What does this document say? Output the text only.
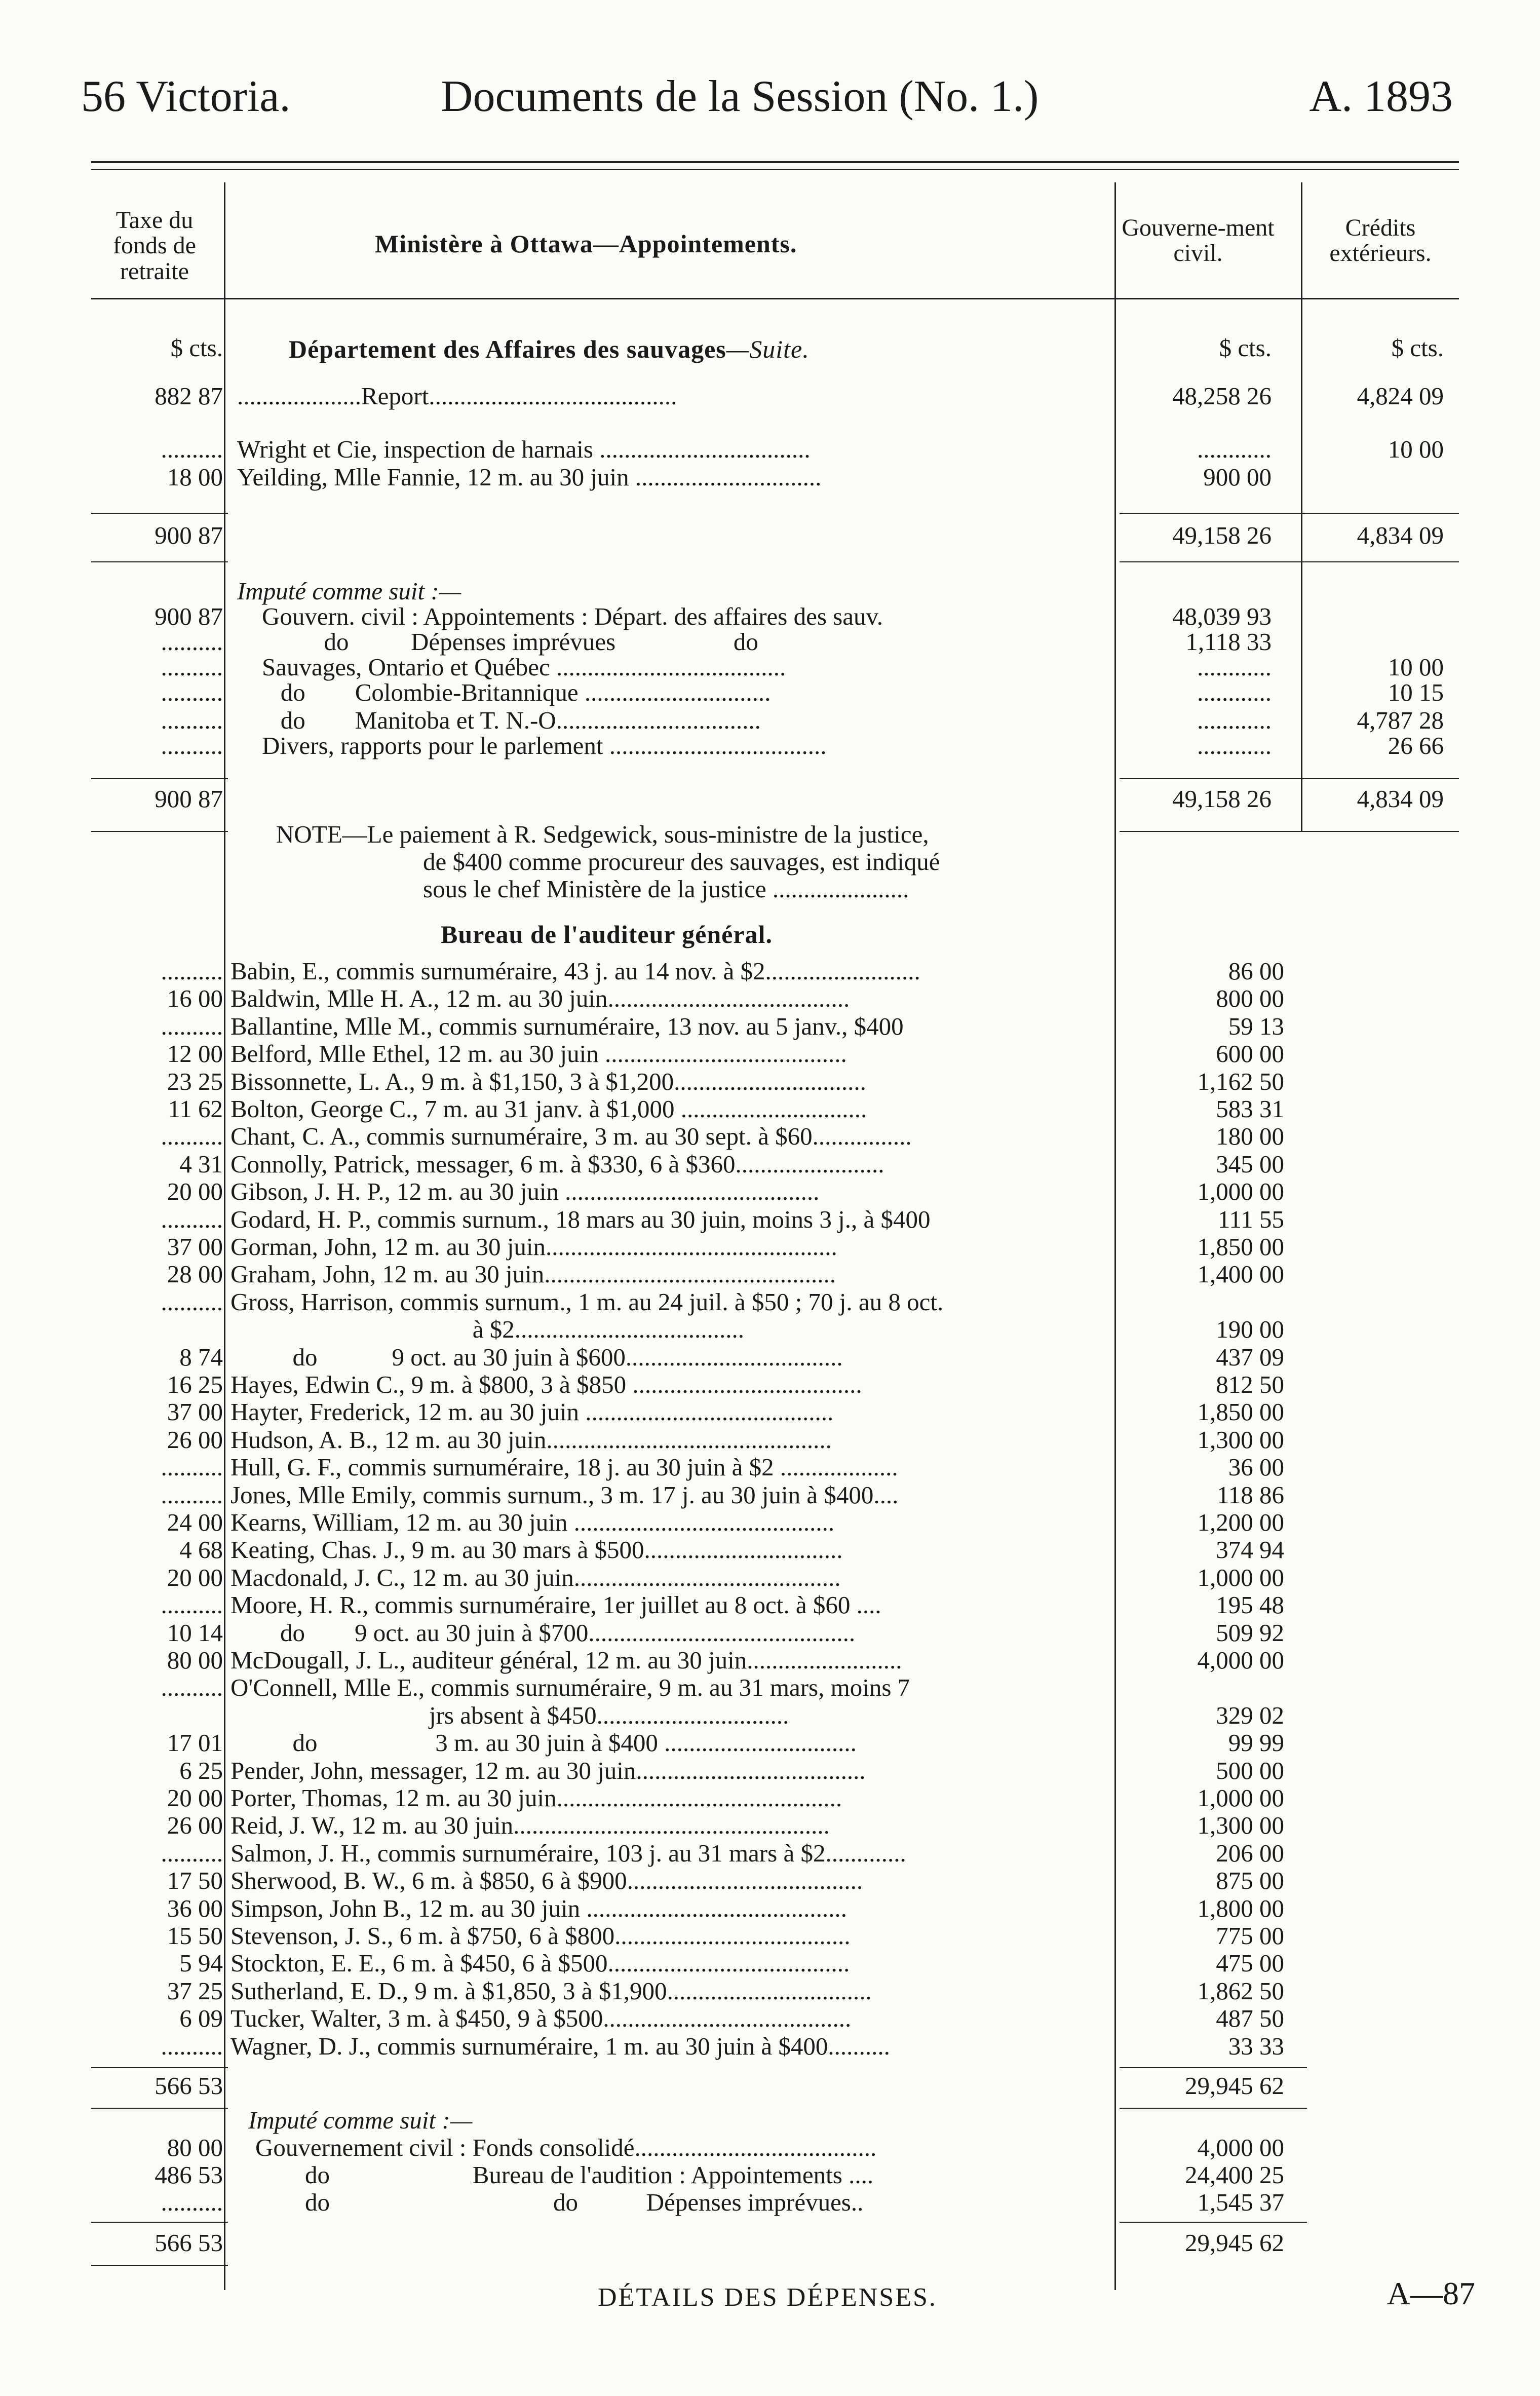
56 Victoria.	Documents de la Session (No. 1.)	A. 1893
Taxe du fonds de retraite
Ministère à Ottawa—Appointements.
Gouverne-ment civil.
Crédits extérieurs.
$ cts.	$ cts.	$ cts.
Département des Affaires des sauvages—Suite.
882 87 ....................Report........................................	48,258 26	4,824 09
.......... Wright et Cie, inspection de harnais ..................................	............	10 00
18 00 Yeilding, Mlle Fannie, 12 m. au 30 juin ..............................	900 00
900 87	49,158 26	4,834 09
Imputé comme suit :—
900 87 Gouvern. civil : Appointements : Départ. des affaires des sauv.	48,039 93
.......... do          Dépenses imprévues                   do	1,118 33
.......... Sauvages, Ontario et Québec .....................................	............	10 00
.......... do        Colombie-Britannique ..............................	............	10 15
.......... do        Manitoba et T. N.-O.................................	............	4,787 28
.......... Divers, rapports pour le parlement ...................................	............	26 66
900 87	49,158 26	4,834 09
NOTE—Le paiement à R. Sedgewick, sous-ministre de la justice,
de $400 comme procureur des sauvages, est indiqué
sous le chef Ministère de la justice ......................
Bureau de l'auditeur général.
.......... Babin, E., commis surnuméraire, 43 j. au 14 nov. à $2.........................	86 00
16 00 Baldwin, Mlle H. A., 12 m. au 30 juin.......................................	800 00
.......... Ballantine, Mlle M., commis surnuméraire, 13 nov. au 5 janv., $400	59 13
12 00 Belford, Mlle Ethel, 12 m. au 30 juin .......................................	600 00
23 25 Bissonnette, L. A., 9 m. à $1,150, 3 à $1,200...............................	1,162 50
11 62 Bolton, George C., 7 m. au 31 janv. à $1,000 ..............................	583 31
.......... Chant, C. A., commis surnuméraire, 3 m. au 30 sept. à $60................	180 00
4 31 Connolly, Patrick, messager, 6 m. à $330, 6 à $360........................	345 00
20 00 Gibson, J. H. P., 12 m. au 30 juin .........................................	1,000 00
.......... Godard, H. P., commis surnum., 18 mars au 30 juin, moins 3 j., à $400	111 55
37 00 Gorman, John, 12 m. au 30 juin...............................................	1,850 00
28 00 Graham, John, 12 m. au 30 juin...............................................	1,400 00
.......... Gross, Harrison, commis surnum., 1 m. au 24 juil. à $50 ; 70 j. au 8 oct.
à $2.....................................	190 00
8 74 do            9 oct. au 30 juin à $600...................................	437 09
16 25 Hayes, Edwin C., 9 m. à $800, 3 à $850 .....................................	812 50
37 00 Hayter, Frederick, 12 m. au 30 juin ........................................	1,850 00
26 00 Hudson, A. B., 12 m. au 30 juin..............................................	1,300 00
.......... Hull, G. F., commis surnuméraire, 18 j. au 30 juin à $2 ...................	36 00
.......... Jones, Mlle Emily, commis surnum., 3 m. 17 j. au 30 juin à $400....	118 86
24 00 Kearns, William, 12 m. au 30 juin ..........................................	1,200 00
4 68 Keating, Chas. J., 9 m. au 30 mars à $500................................	374 94
20 00 Macdonald, J. C., 12 m. au 30 juin...........................................	1,000 00
.......... Moore, H. R., commis surnuméraire, 1er juillet au 8 oct. à $60 ....	195 48
10 14 do        9 oct. au 30 juin à $700...........................................	509 92
80 00 McDougall, J. L., auditeur général, 12 m. au 30 juin.........................	4,000 00
.......... O'Connell, Mlle E., commis surnuméraire, 9 m. au 31 mars, moins 7
jrs absent à $450...............................	329 02
17 01 do                   3 m. au 30 juin à $400 ...............................	99 99
6 25 Pender, John, messager, 12 m. au 30 juin.....................................	500 00
20 00 Porter, Thomas, 12 m. au 30 juin..............................................	1,000 00
26 00 Reid, J. W., 12 m. au 30 juin...................................................	1,300 00
.......... Salmon, J. H., commis surnuméraire, 103 j. au 31 mars à $2.............	206 00
17 50 Sherwood, B. W., 6 m. à $850, 6 à $900......................................	875 00
36 00 Simpson, John B., 12 m. au 30 juin ..........................................	1,800 00
15 50 Stevenson, J. S., 6 m. à $750, 6 à $800......................................	775 00
5 94 Stockton, E. E., 6 m. à $450, 6 à $500.......................................	475 00
37 25 Sutherland, E. D., 9 m. à $1,850, 3 à $1,900.................................	1,862 50
6 09 Tucker, Walter, 3 m. à $450, 9 à $500........................................	487 50
.......... Wagner, D. J., commis surnuméraire, 1 m. au 30 juin à $400..........	33 33
566 53	29,945 62
Imputé comme suit :—
80 00 Gouvernement civil : Fonds consolidé.......................................	4,000 00
486 53 do                       Bureau de l'audition : Appointements ....	24,400 25
.......... do                                    do           Dépenses imprévues..	1,545 37
566 53	29,945 62
DÉTAILS DES DÉPENSES.	A—87
